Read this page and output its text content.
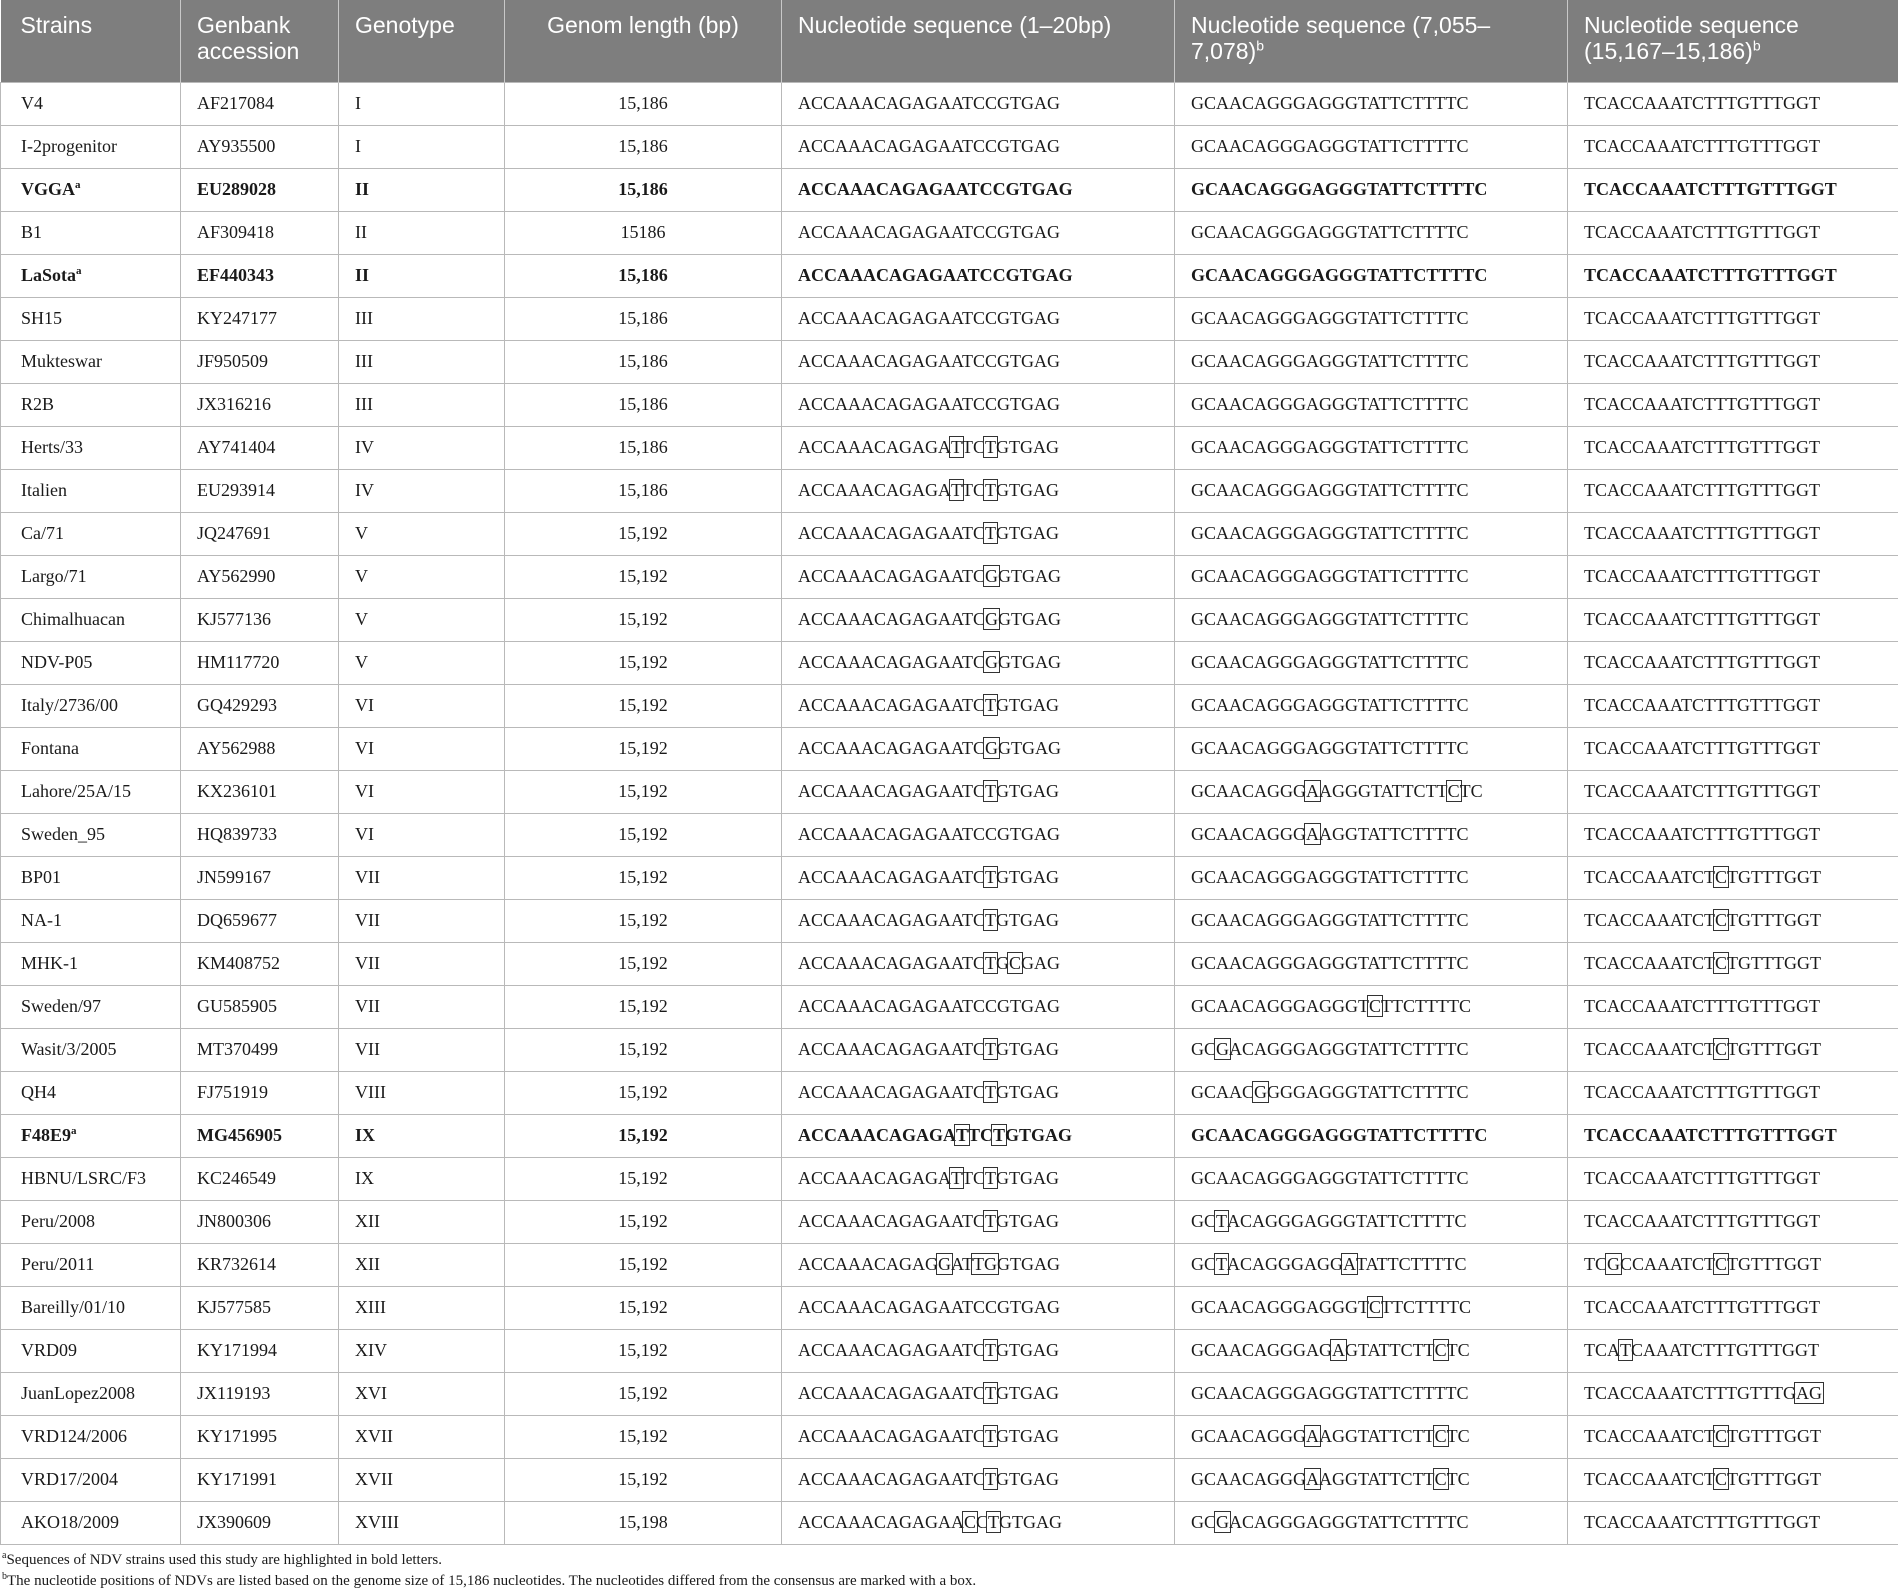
Strains	Genbank accession	Genotype	Genom length (bp)	Nucleotide sequence (1–20bp)	Nucleotide sequence $(7,055-7,078)^b$	Nucleotide sequence $(15,167-15,186)^b$
V4	AF217084	I	15,186	ACCAAACAGAGAATCCGTGAG	GCAACAGGGAGGGTATTCTTTTC	TCACCAAATCTTTGTTTGGT
I-2progenitor	AY935500	I	15,186	ACCAAACAGAGAATCCGTGAG	GCAACAGGGAGGGTATTCTTTTC	TCACCAAATCTTTGTTTGGT
VGGA$^a$	EU289028	II	15,186	ACCAAACAGAGAATCCGTGAG	GCAACAGGGAGGGTATTCTTTTC	TCACCAAATCTTTGTTTGGT
B1	AF309418	II	15186	ACCAAACAGAGAATCCGTGAG	GCAACAGGGAGGGTATTCTTTTC	TCACCAAATCTTTGTTTGGT
LaSota$^a$	EF440343	II	15,186	ACCAAACAGAGAATCCGTGAG	GCAACAGGGAGGGTATTCTTTTC	TCACCAAATCTTTGTTTGGT
SH15	KY247177	III	15,186	ACCAAACAGAGAATCCGTGAG	GCAACAGGGAGGGTATTCTTTTC	TCACCAAATCTTTGTTTGGT
Mukteswar	JF950509	III	15,186	ACCAAACAGAGAATCCGTGAG	GCAACAGGGAGGGTATTCTTTTC	TCACCAAATCTTTGTTTGGT
R2B	JX316216	III	15,186	ACCAAACAGAGAATCCGTGAG	GCAACAGGGAGGGTATTCTTTTC	TCACCAAATCTTTGTTTGGT
Herts/33	AY741404	IV	15,186	ACCAAACAGAGATTCTGTGAG	GCAACAGGGAGGGTATTCTTTTC	TCACCAAATCTTTGTTTGGT
Italien	EU293914	IV	15,186	ACCAAACAGAGATTCTGTGAG	GCAACAGGGAGGGTATTCTTTTC	TCACCAAATCTTTGTTTGGT
Ca/71	JQ247691	V	15,192	ACCAAACAGAGAATCTGTGAG	GCAACAGGGAGGGTATTCTTTTC	TCACCAAATCTTTGTTTGGT
Largo/71	AY562990	V	15,192	ACCAAACAGAGAATCGGTGAG	GCAACAGGGAGGGTATTCTTTTC	TCACCAAATCTTTGTTTGGT
Chimalhuacan	KJ577136	V	15,192	ACCAAACAGAGAATCGGTGAG	GCAACAGGGAGGGTATTCTTTTC	TCACCAAATCTTTGTTTGGT
NDV-P05	HM117720	V	15,192	ACCAAACAGAGAATCGGTGAG	GCAACAGGGAGGGTATTCTTTTC	TCACCAAATCTTTGTTTGGT
Italy/2736/00	GQ429293	VI	15,192	ACCAAACAGAGAATCTGTGAG	GCAACAGGGAGGGTATTCTTTTC	TCACCAAATCTTTGTTTGGT
Fontana	AY562988	VI	15,192	ACCAAACAGAGAATCGGTGAG	GCAACAGGGAGGGTATTCTTTTC	TCACCAAATCTTTGTTTGGT
Lahore/25A/15	KX236101	VI	15,192	ACCAAACAGAGAATCTGTGAG	GCAACAGGGAAGGGTATTCTTCTC	TCACCAAATCTTTGTTTGGT
Sweden_95	HQ839733	VI	15,192	ACCAAACAGAGAATCCGTGAG	GCAACAGGGAAGGTATTCTTTTC	TCACCAAATCTTTGTTTGGT
BP01	JN599167	VII	15,192	ACCAAACAGAGAATCTGTGAG	GCAACAGGGAGGGTATTCTTTTC	TCACCAAATCTCTGTTTGGT
NA-1	DQ659677	VII	15,192	ACCAAACAGAGAATCTGTGAG	GCAACAGGGAGGGTATTCTTTTC	TCACCAAATCTCTGTTTGGT
MHK-1	KM408752	VII	15,192	ACCAAACAGAGAATCTGCGAG	GCAACAGGGAGGGTATTCTTTTC	TCACCAAATCTCTGTTTGGT
Sweden/97	GU585905	VII	15,192	ACCAAACAGAGAATCCGTGAG	GCAACAGGGAGGGTCTTCTTTTC	TCACCAAATCTTTGTTTGGT
Wasit/3/2005	MT370499	VII	15,192	ACCAAACAGAGAATCTGTGAG	GCGACAGGGAGGGTATTCTTTTC	TCACCAAATCTCTGTTTGGT
QH4	FJ751919	VIII	15,192	ACCAAACAGAGAATCTGTGAG	GCAACGGGGAGGGTATTCTTTTC	TCACCAAATCTTTGTTTGGT
F48E9$^a$	MG456905	IX	15,192	ACCAAACAGAGATTCTGTGAG	GCAACAGGGAGGGTATTCTTTTC	TCACCAAATCTTTGTTTGGT
HBNU/LSRC/F3	KC246549	IX	15,192	ACCAAACAGAGATTCTGTGAG	GCAACAGGGAGGGTATTCTTTTC	TCACCAAATCTTTGTTTGGT
Peru/2008	JN800306	XII	15,192	ACCAAACAGAGAATCTGTGAG	GCTACAGGGAGGGTATTCTTTTC	TCACCAAATCTTTGTTTGGT
Peru/2011	KR732614	XII	15,192	ACCAAACAGAGGATTGGTGAG	GCTACAGGGAGGATATTCTTTTC	TCGCCAAATCTCTGTTTGGT
Bareilly/01/10	KJ577585	XIII	15,192	ACCAAACAGAGAATCCGTGAG	GCAACAGGGAGGGTCTTCTTTTC	TCACCAAATCTTTGTTTGGT
VRD09	KY171994	XIV	15,192	ACCAAACAGAGAATCTGTGAG	GCAACAGGGAGAGTATTCTTCTC	TCATCAAATCTTTGTTTGGT
JuanLopez2008	JX119193	XVI	15,192	ACCAAACAGAGAATCTGTGAG	GCAACAGGGAGGGTATTCTTTTC	TCACCAAATCTTTGTTTGAG
VRD124/2006	KY171995	XVII	15,192	ACCAAACAGAGAATCTGTGAG	GCAACAGGGAAGGTATTCTTCTC	TCACCAAATCTCTGTTTGGT
VRD17/2004	KY171991	XVII	15,192	ACCAAACAGAGAATCTGTGAG	GCAACAGGGAAGGTATTCTTCTC	TCACCAAATCTCTGTTTGGT
AKO18/2009	JX390609	XVIII	15,198	ACCAAACAGAGAACCTGTGAG	GCGACAGGGAGGGTATTCTTTTC	TCACCAAATCTTTGTTTGGT
$^a$Sequences of NDV strains used this study are highlighted in bold letters.
$^b$The nucleotide positions of NDVs are listed based on the genome size of 15,186 nucleotides. The nucleotides differed from the consensus are marked with a box.
